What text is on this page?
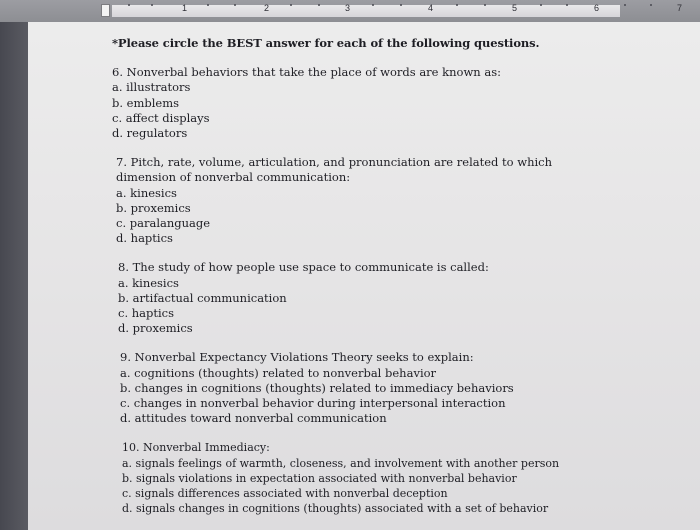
1	2	3	4	5	6	7
*Please circle the BEST answer for each of the following questions.

6. Nonverbal behaviors that take the place of words are known as:

a. illustrators

b. emblems

c. affect displays

d. regulators

7. Pitch, rate, volume, articulation, and pronunciation are related to which dimension of nonverbal communication:

a. kinesics

b. proxemics

c. paralanguage

d. haptics

8. The study of how people use space to communicate is called:

a. kinesics

b. artifactual communication

c. haptics

d. proxemics

9. Nonverbal Expectancy Violations Theory seeks to explain:

a. cognitions (thoughts) related to nonverbal behavior

b. changes in cognitions (thoughts) related to immediacy behaviors

c. changes in nonverbal behavior during interpersonal interaction

d. attitudes toward nonverbal communication

10. Nonverbal Immediacy:

a. signals feelings of warmth, closeness, and involvement with another person

b. signals violations in expectation associated with nonverbal behavior

c. signals differences associated with nonverbal deception

d. signals changes in cognitions (thoughts) associated with a set of behavior
